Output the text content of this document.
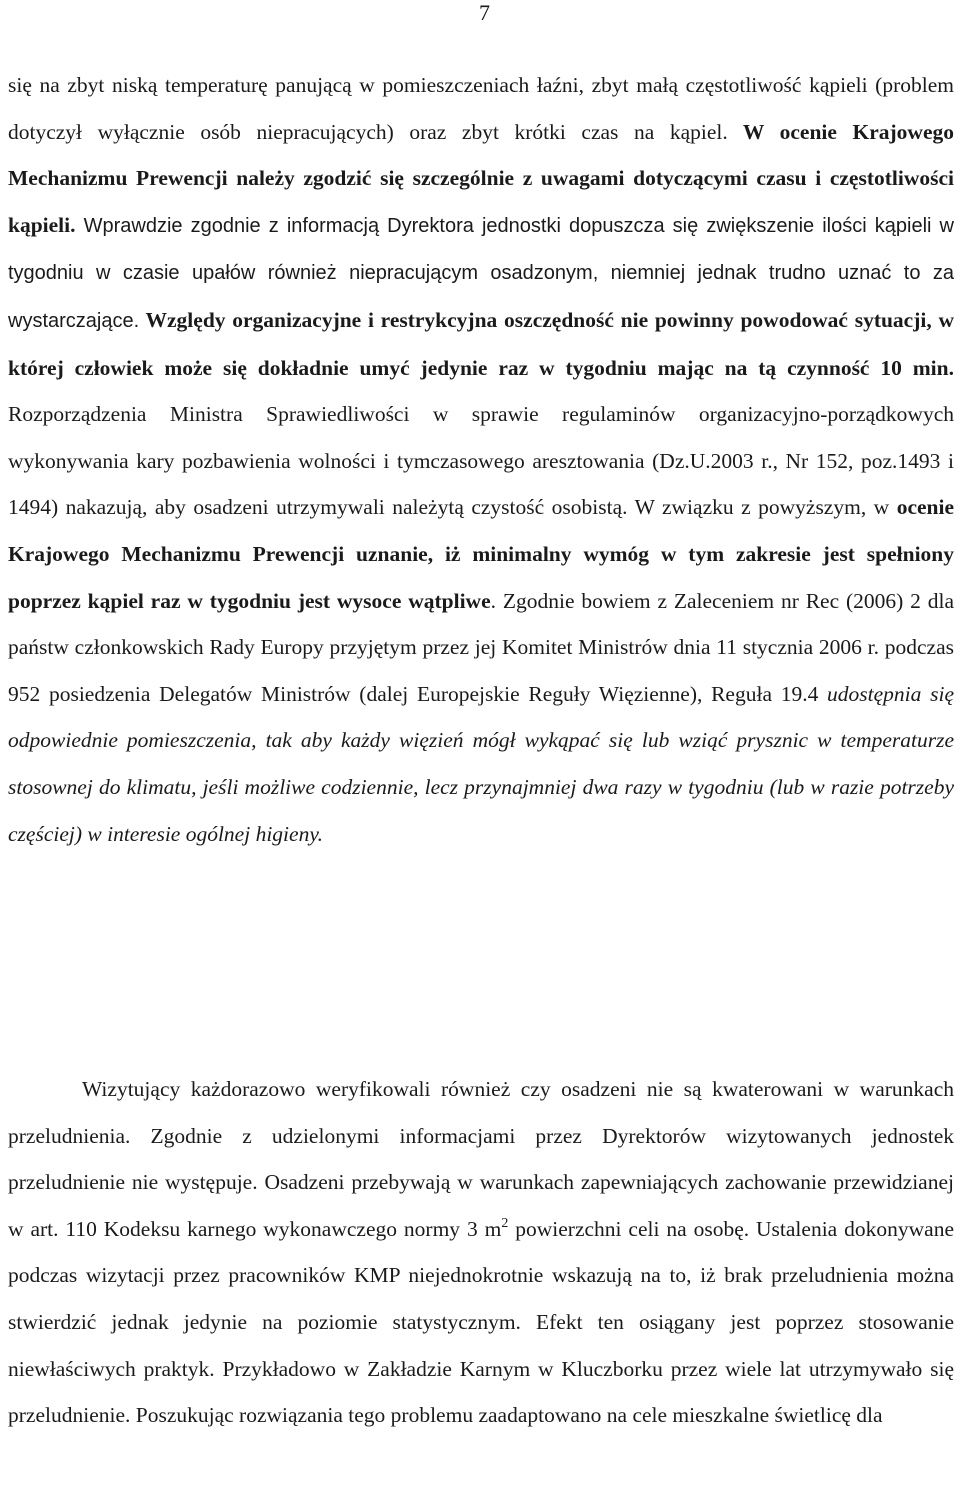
7

się na zbyt niską temperaturę panującą w pomieszczeniach łaźni, zbyt małą częstotliwość kąpieli (problem dotyczył wyłącznie osób niepracujących) oraz zbyt krótki czas na kąpiel. W ocenie Krajowego Mechanizmu Prewencji należy zgodzić się szczególnie z uwagami dotyczącymi czasu i częstotliwości kąpieli. Wprawdzie zgodnie z informacją Dyrektora jednostki dopuszcza się zwiększenie ilości kąpieli w tygodniu w czasie upałów również niepracującym osadzonym, niemniej jednak trudno uznać to za wystarczające. Względy organizacyjne i restrykcyjna oszczędność nie powinny powodować sytuacji, w której człowiek może się dokładnie umyć jedynie raz w tygodniu mając na tą czynność 10 min. Rozporządzenia Ministra Sprawiedliwości w sprawie regulaminów organizacyjno-porządkowych wykonywania kary pozbawienia wolności i tymczasowego aresztowania (Dz.U.2003 r., Nr 152, poz.1493 i 1494) nakazują, aby osadzeni utrzymywali należytą czystość osobistą. W związku z powyższym, w ocenie Krajowego Mechanizmu Prewencji uznanie, iż minimalny wymóg w tym zakresie jest spełniony poprzez kąpiel raz w tygodniu jest wysoce wątpliwe. Zgodnie bowiem z Zaleceniem nr Rec (2006) 2 dla państw członkowskich Rady Europy przyjętym przez jej Komitet Ministrów dnia 11 stycznia 2006 r. podczas 952 posiedzenia Delegatów Ministrów (dalej Europejskie Reguły Więzienne), Reguła 19.4 udostępnia się odpowiednie pomieszczenia, tak aby każdy więzień mógł wykąpać się lub wziąć prysznic w temperaturze stosownej do klimatu, jeśli możliwe codziennie, lecz przynajmniej dwa razy w tygodniu (lub w razie potrzeby częściej) w interesie ogólnej higieny.

Wizytujący każdorazowo weryfikowali również czy osadzeni nie są kwaterowani w warunkach przeludnienia. Zgodnie z udzielonymi informacjami przez Dyrektorów wizytowanych jednostek przeludnienie nie występuje. Osadzeni przebywają w warunkach zapewniających zachowanie przewidzianej w art. 110 Kodeksu karnego wykonawczego normy 3 $m^2$ powierzchni celi na osobę. Ustalenia dokonywane podczas wizytacji przez pracowników KMP niejednokrotnie wskazują na to, iż brak przeludnienia można stwierdzić jednak jedynie na poziomie statystycznym. Efekt ten osiągany jest poprzez stosowanie niewłaściwych praktyk. Przykładowo w Zakładzie Karnym w Kluczborku przez wiele lat utrzymywało się przeludnienie. Poszukując rozwiązania tego problemu zaadaptowano na cele mieszkalne świetlicę dla
